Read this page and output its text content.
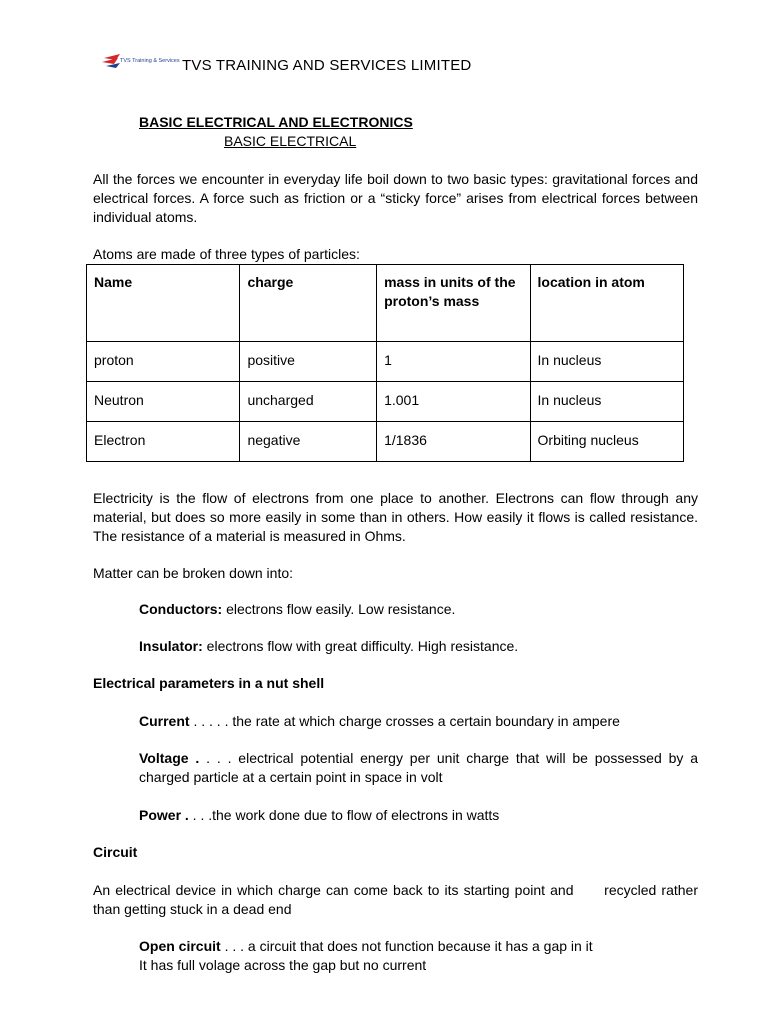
TVS Training & Services TVS TRAINING AND SERVICES LIMITED
BASIC ELECTRICAL AND ELECTRONICS
BASIC ELECTRICAL
All the forces we encounter in everyday life boil down to two basic types: gravitational forces and electrical forces. A force such as friction or a “sticky force” arises from electrical forces between individual atoms.
Atoms are made of three types of particles:
Name	charge	mass in units of the proton’s mass	location in atom
proton	positive	1	In nucleus
Neutron	uncharged	1.001	In nucleus
Electron	negative	1/1836	Orbiting nucleus
Electricity is the flow of electrons from one place to another. Electrons can flow through any material, but does so more easily in some than in others. How easily it flows is called resistance. The resistance of a material is measured in Ohms.
Matter can be broken down into:
Conductors: electrons flow easily. Low resistance.
Insulator: electrons flow with great difficulty. High resistance.
Electrical parameters in a nut shell
Current . . . . . the rate at which charge crosses a certain boundary in ampere
Voltage . . . . electrical potential energy per unit charge that will be possessed by a charged particle at a certain point in space in volt
Power . . . .the work done due to flow of electrons in watts
Circuit
An electrical device in which charge can come back to its starting point and      recycled rather than getting stuck in a dead end
Open circuit . . . a circuit that does not function because it has a gap in it
It has full volage across the gap but no current
